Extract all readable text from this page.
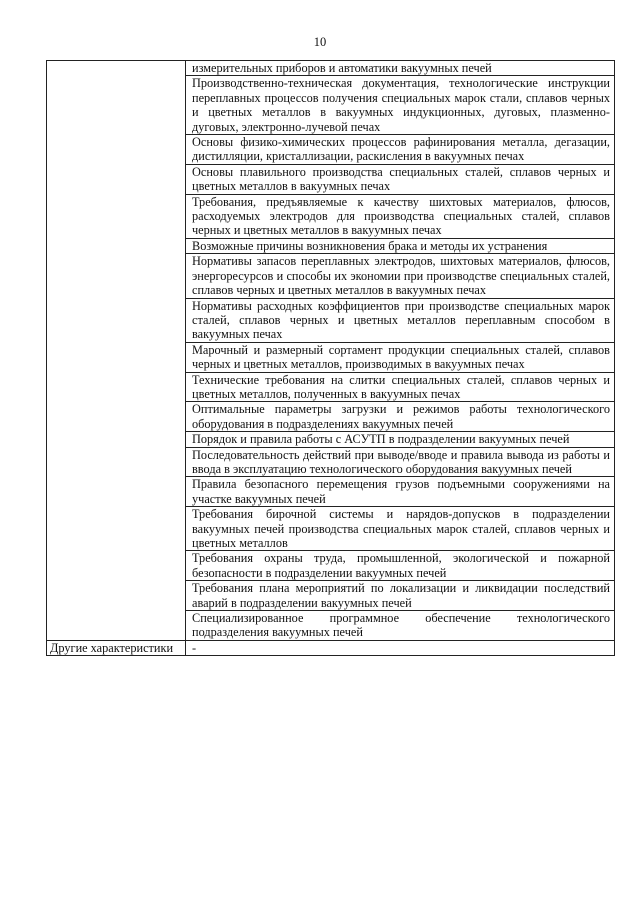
10
	измерительных приборов и автоматики вакуумных печей
	Производственно-техническая документация, технологические инструкции переплавных процессов получения специальных марок стали, сплавов черных и цветных металлов в вакуумных индукционных, дуговых, плазменно-дуговых, электронно-лучевой печах
	Основы физико-химических процессов рафинирования металла, дегазации, дистилляции, кристаллизации, раскисления в вакуумных печах
	Основы плавильного производства специальных сталей, сплавов черных и цветных металлов в вакуумных печах
	Требования, предъявляемые к качеству шихтовых материалов, флюсов, расходуемых электродов для производства специальных сталей, сплавов черных и цветных металлов в вакуумных печах
	Возможные причины возникновения брака и методы их устранения
	Нормативы запасов переплавных электродов, шихтовых материалов, флюсов, энергоресурсов и способы их экономии при производстве специальных сталей, сплавов черных и цветных металлов в вакуумных печах
	Нормативы расходных коэффициентов при производстве специальных марок сталей, сплавов черных и цветных металлов переплавным способом в вакуумных печах
	Марочный и размерный сортамент продукции специальных сталей, сплавов черных и цветных металлов, производимых в вакуумных печах
	Технические требования на слитки специальных сталей, сплавов черных и цветных металлов, полученных в вакуумных печах
	Оптимальные параметры загрузки и режимов работы технологического оборудования в подразделениях вакуумных печей
	Порядок и правила работы с АСУТП в подразделении вакуумных печей
	Последовательность действий при выводе/вводе и правила вывода из работы и ввода в эксплуатацию технологического оборудования вакуумных печей
	Правила безопасного перемещения грузов подъемными сооружениями на участке вакуумных печей
	Требования бирочной системы и нарядов-допусков в подразделении вакуумных печей производства специальных марок сталей, сплавов черных и цветных металлов
	Требования охраны труда, промышленной, экологической и пожарной безопасности в подразделении вакуумных печей
	Требования плана мероприятий по локализации и ликвидации последствий аварий в подразделении вакуумных печей
	Специализированное программное обеспечение технологического подразделения вакуумных печей
Другие характеристики	-
